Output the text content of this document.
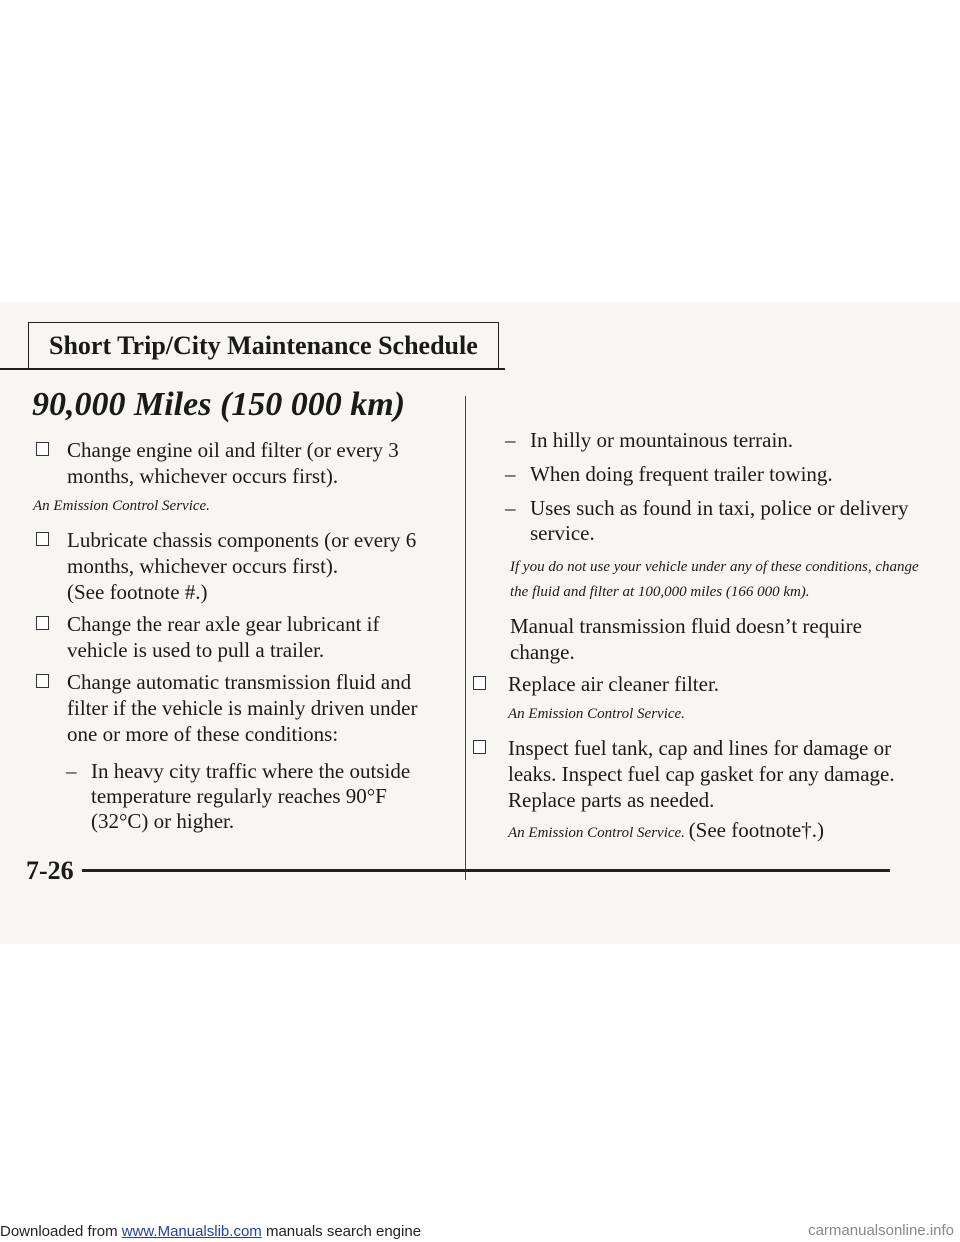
Short Trip/City Maintenance Schedule
90,000 Miles (150 000 km)
Change engine oil and filter (or every 3 months, whichever occurs first).
An Emission Control Service.
Lubricate chassis components (or every 6 months, whichever occurs first).
(See footnote #.)
Change the rear axle gear lubricant if vehicle is used to pull a trailer.
Change automatic transmission fluid and filter if the vehicle is mainly driven under one or more of these conditions:
– In heavy city traffic where the outside temperature regularly reaches 90°F (32°C) or higher.
– In hilly or mountainous terrain.
– When doing frequent trailer towing.
– Uses such as found in taxi, police or delivery service.
If you do not use your vehicle under any of these conditions, change the fluid and filter at 100,000 miles (166 000 km).
Manual transmission fluid doesn’t require change.
Replace air cleaner filter.
An Emission Control Service.
Inspect fuel tank, cap and lines for damage or leaks. Inspect fuel cap gasket for any damage. Replace parts as needed.
An Emission Control Service. (See footnote†.)
7-26
Downloaded from www.Manualslib.com manuals search engine	carmanualsonline.info
